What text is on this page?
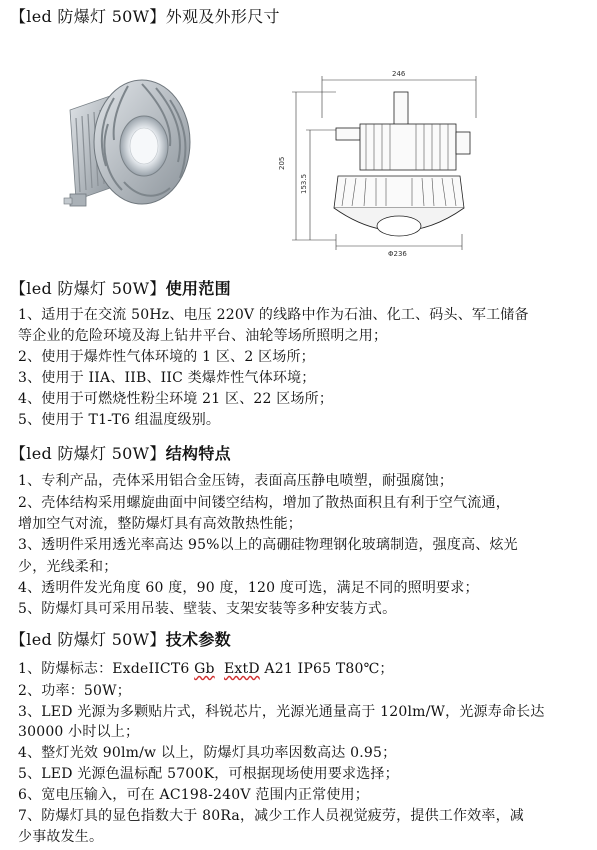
【led 防爆灯 50W】外观及外形尺寸
246
205
153.5
Φ236
【led 防爆灯 50W】使用范围
1、适用于在交流 50Hz、电压 220V 的线路中作为石油、化工、码头、军工储备
等企业的危险环境及海上钻井平台、油轮等场所照明之用；
2、使用于爆炸性气体环境的 1 区、2 区场所；
3、使用于 IIA、IIB、IIC 类爆炸性气体环境；
4、使用于可燃烧性粉尘环境 21 区、22 区场所；
5、使用于 T1-T6 组温度级别。
【led 防爆灯 50W】结构特点
1、专利产品，壳体采用铝合金压铸，表面高压静电喷塑，耐强腐蚀；
2、壳体结构采用螺旋曲面中间镂空结构，增加了散热面积且有利于空气流通，
增加空气对流，整防爆灯具有高效散热性能；
3、透明件采用透光率高达 95%以上的高硼硅物理钢化玻璃制造，强度高、炫光
少，光线柔和；
4、透明件发光角度 60 度，90 度，120 度可选，满足不同的照明要求；
5、防爆灯具可采用吊装、壁装、支架安装等多种安装方式。
【led 防爆灯 50W】技术参数
1、防爆标志：ExdeIICT6 Gb ExtD A21 IP65 T80℃；
2、功率：50W；
3、LED 光源为多颗贴片式，科锐芯片，光源光通量高于 120lm/W，光源寿命长达
30000 小时以上；
4、整灯光效 90lm/w 以上，防爆灯具功率因数高达 0.95；
5、LED 光源色温标配 5700K，可根据现场使用要求选择；
6、宽电压输入，可在 AC198-240V 范围内正常使用；
7、防爆灯具的显色指数大于 80Ra，减少工作人员视觉疲劳，提供工作效率，减
少事故发生。
